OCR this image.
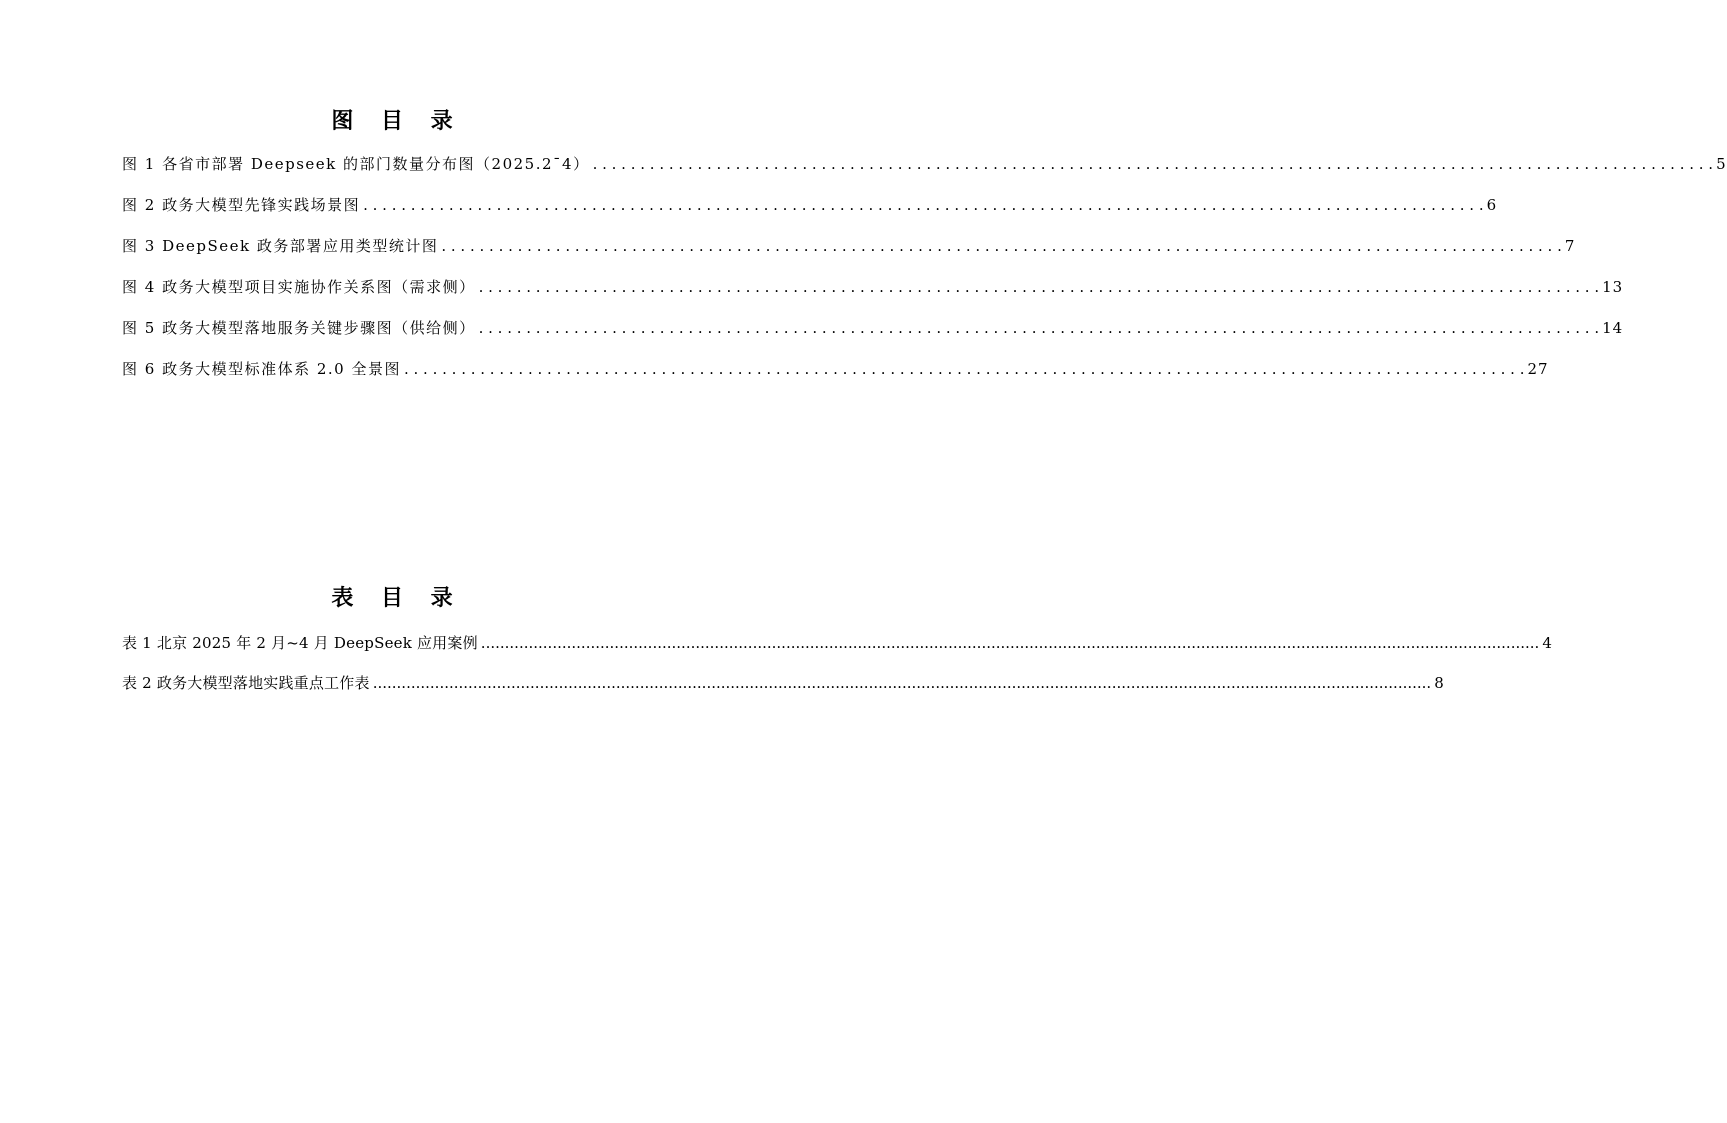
图 目 录
图 1 各省市部署 Deepseek 的部门数量分布图（2025.2¯4） . . .	5
图 2 政务大模型先锋实践场景图 . . .	6
图 3 DeepSeek 政务部署应用类型统计图 . . .	7
图 4 政务大模型项目实施协作关系图（需求侧） . . .	13
图 5 政务大模型落地服务关键步骤图（供给侧） . . .	14
图 6 政务大模型标准体系 2.0 全景图 . . .	27
表 目 录
表 1 北京 2025 年 2 月~4 月 DeepSeek 应用案例 .....	4
表 2 政务大模型落地实践重点工作表 .....	8
